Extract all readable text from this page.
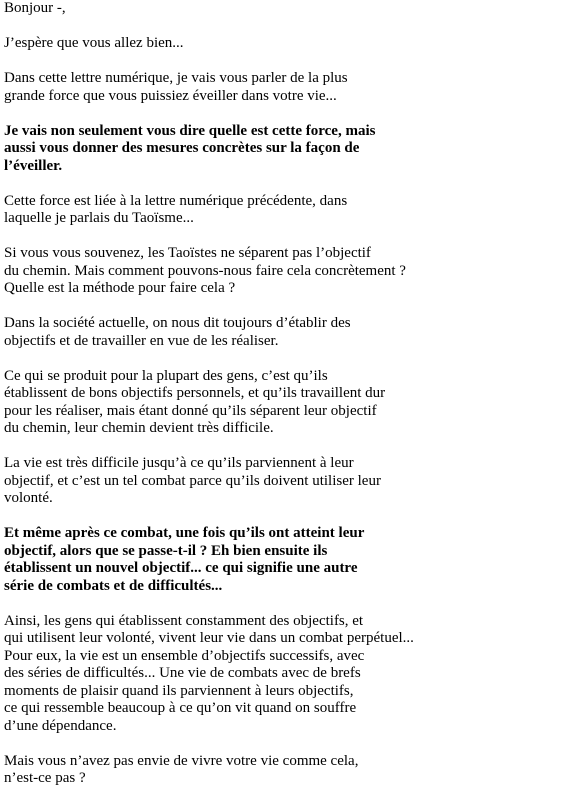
Bonjour -,

J’espère que vous allez bien...

Dans cette lettre numérique, je vais vous parler de la plus
grande force que vous puissiez éveiller dans votre vie...

Je vais non seulement vous dire quelle est cette force, mais
aussi vous donner des mesures concrètes sur la façon de
l’éveiller.

Cette force est liée à la lettre numérique précédente, dans
laquelle je parlais du Taoïsme...

Si vous vous souvenez, les Taoïstes ne séparent pas l’objectif
du chemin. Mais comment pouvons-nous faire cela concrètement ?
Quelle est la méthode pour faire cela ?

Dans la société actuelle, on nous dit toujours d’établir des
objectifs et de travailler en vue de les réaliser.

Ce qui se produit pour la plupart des gens, c’est qu’ils
établissent de bons objectifs personnels, et qu’ils travaillent dur
pour les réaliser, mais étant donné qu’ils séparent leur objectif
du chemin, leur chemin devient très difficile.

La vie est très difficile jusqu’à ce qu’ils parviennent à leur
objectif, et c’est un tel combat parce qu’ils doivent utiliser leur
volonté.

Et même après ce combat, une fois qu’ils ont atteint leur
objectif, alors que se passe-t-il ? Eh bien ensuite ils
établissent un nouvel objectif... ce qui signifie une autre
série de combats et de difficultés...

Ainsi, les gens qui établissent constamment des objectifs, et
qui utilisent leur volonté, vivent leur vie dans un combat perpétuel...
Pour eux, la vie est un ensemble d’objectifs successifs, avec
des séries de difficultés... Une vie de combats avec de brefs
moments de plaisir quand ils parviennent à leurs objectifs,
ce qui ressemble beaucoup à ce qu’on vit quand on souffre
d’une dépendance.

Mais vous n’avez pas envie de vivre votre vie comme cela,
n’est-ce pas ?
